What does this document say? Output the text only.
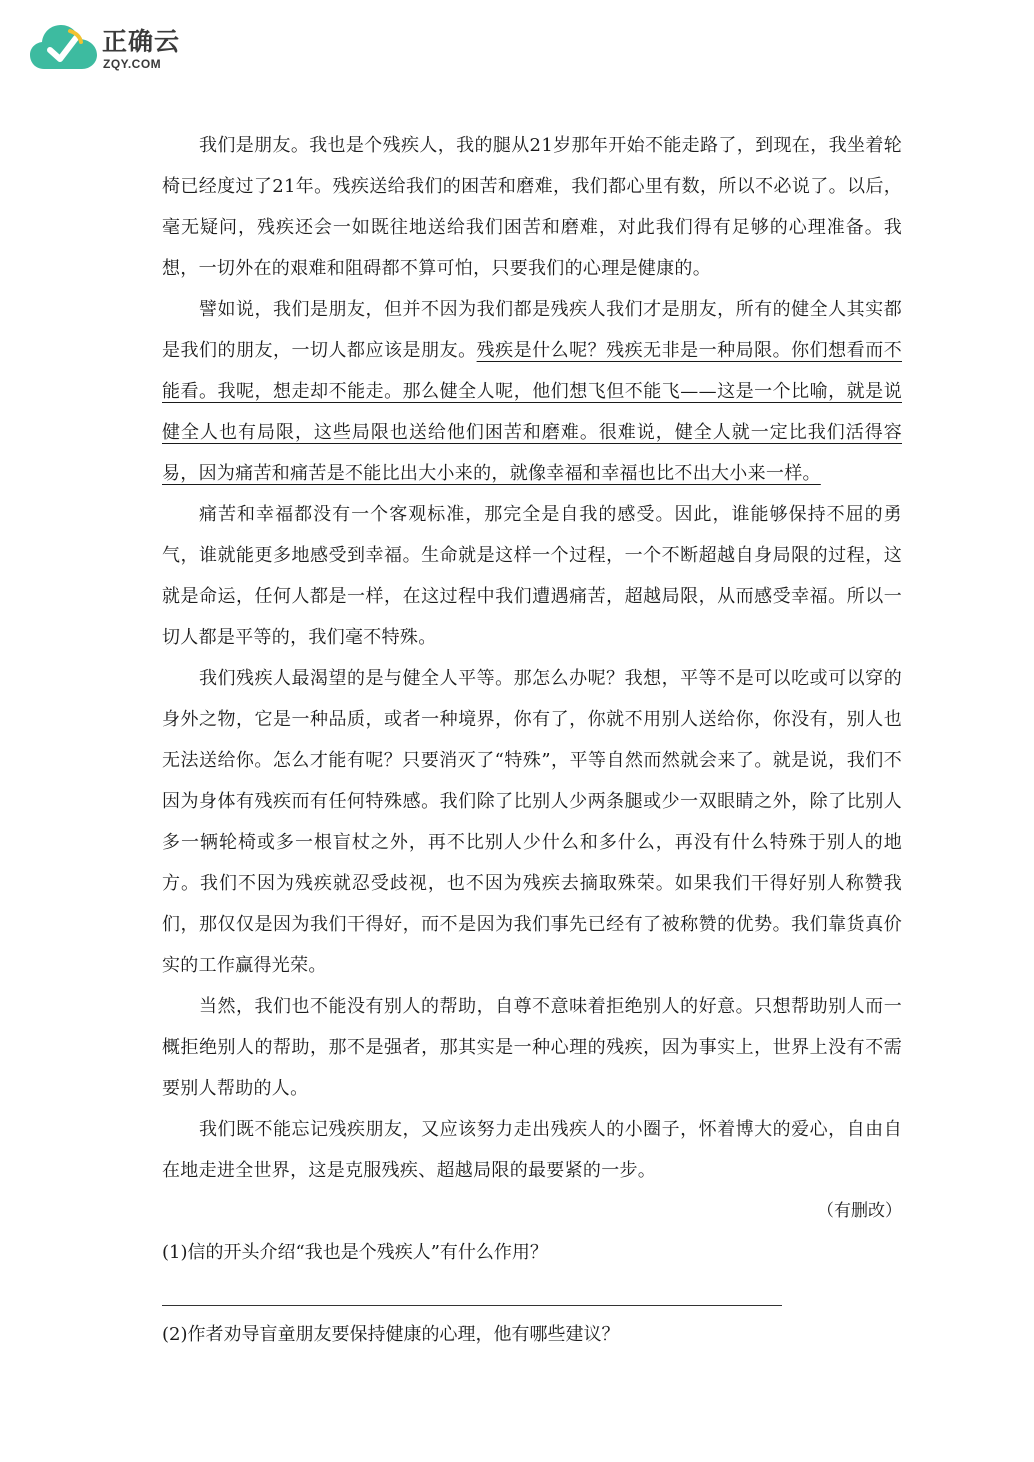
正确云
ZQY.COM

我们是朋友。我也是个残疾人，我的腿从21岁那年开始不能走路了，到现在，我坐着轮椅已经度过了21年。残疾送给我们的困苦和磨难，我们都心里有数，所以不必说了。以后，毫无疑问，残疾还会一如既往地送给我们困苦和磨难，对此我们得有足够的心理准备。我想，一切外在的艰难和阻碍都不算可怕，只要我们的心理是健康的。

譬如说，我们是朋友，但并不因为我们都是残疾人我们才是朋友，所有的健全人其实都是我们的朋友，一切人都应该是朋友。残疾是什么呢？残疾无非是一种局限。你们想看而不能看。我呢，想走却不能走。那么健全人呢，他们想飞但不能飞——这是一个比喻，就是说健全人也有局限，这些局限也送给他们困苦和磨难。很难说，健全人就一定比我们活得容易，因为痛苦和痛苦是不能比出大小来的，就像幸福和幸福也比不出大小来一样。

痛苦和幸福都没有一个客观标准，那完全是自我的感受。因此，谁能够保持不屈的勇气，谁就能更多地感受到幸福。生命就是这样一个过程，一个不断超越自身局限的过程，这就是命运，任何人都是一样，在这过程中我们遭遇痛苦，超越局限，从而感受幸福。所以一切人都是平等的，我们毫不特殊。

我们残疾人最渴望的是与健全人平等。那怎么办呢？我想，平等不是可以吃或可以穿的身外之物，它是一种品质，或者一种境界，你有了，你就不用别人送给你，你没有，别人也无法送给你。怎么才能有呢？只要消灭了“特殊”，平等自然而然就会来了。就是说，我们不因为身体有残疾而有任何特殊感。我们除了比别人少两条腿或少一双眼睛之外，除了比别人多一辆轮椅或多一根盲杖之外，再不比别人少什么和多什么，再没有什么特殊于别人的地方。我们不因为残疾就忍受歧视，也不因为残疾去摘取殊荣。如果我们干得好别人称赞我们，那仅仅是因为我们干得好，而不是因为我们事先已经有了被称赞的优势。我们靠货真价实的工作赢得光荣。

当然，我们也不能没有别人的帮助，自尊不意味着拒绝别人的好意。只想帮助别人而一概拒绝别人的帮助，那不是强者，那其实是一种心理的残疾，因为事实上，世界上没有不需要别人帮助的人。

我们既不能忘记残疾朋友，又应该努力走出残疾人的小圈子，怀着博大的爱心，自由自在地走进全世界，这是克服残疾、超越局限的最要紧的一步。

（有删改）

(1)信的开头介绍“我也是个残疾人”有什么作用？

(2)作者劝导盲童朋友要保持健康的心理，他有哪些建议？
